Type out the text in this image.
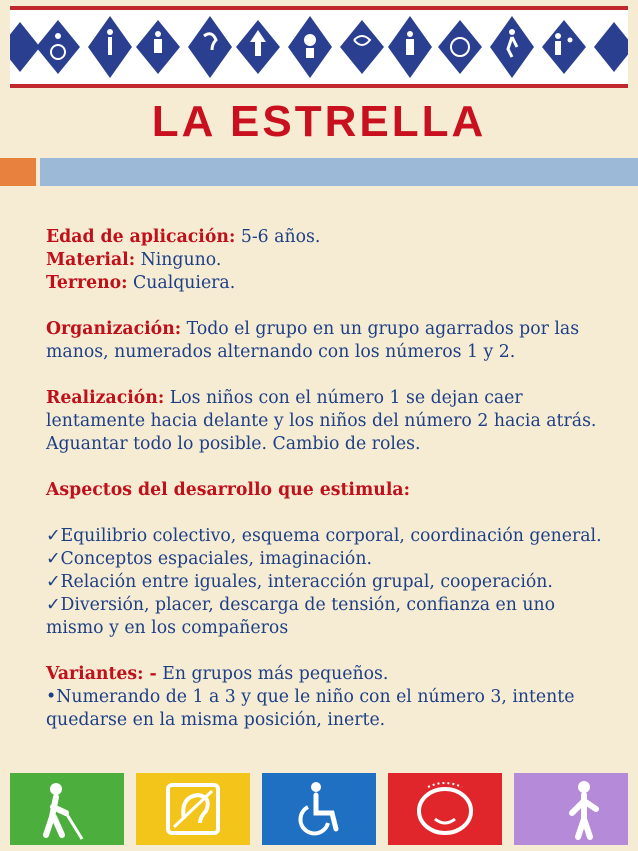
LA ESTRELLA

Edad de aplicación: 5-6 años.

Material: Ninguno.

Terreno: Cualquiera.

Organización: Todo el grupo en un grupo agarrados por las manos, numerados alternando con los números 1 y 2.

Realización: Los niños con el número 1 se dejan caer lentamente hacia delante y los niños del número 2 hacia atrás. Aguantar todo lo posible. Cambio de roles.

Aspectos del desarrollo que estimula:

✓Equilibrio colectivo, esquema corporal, coordinación general.

✓Conceptos espaciales, imaginación.

✓Relación entre iguales, interacción grupal, cooperación.

✓Diversión, placer, descarga de tensión, confianza en uno mismo y en los compañeros

Variantes: - En grupos más pequeños.

•Numerando de 1 a 3 y que le niño con el número 3, intente quedarse en la misma posición, inerte.
